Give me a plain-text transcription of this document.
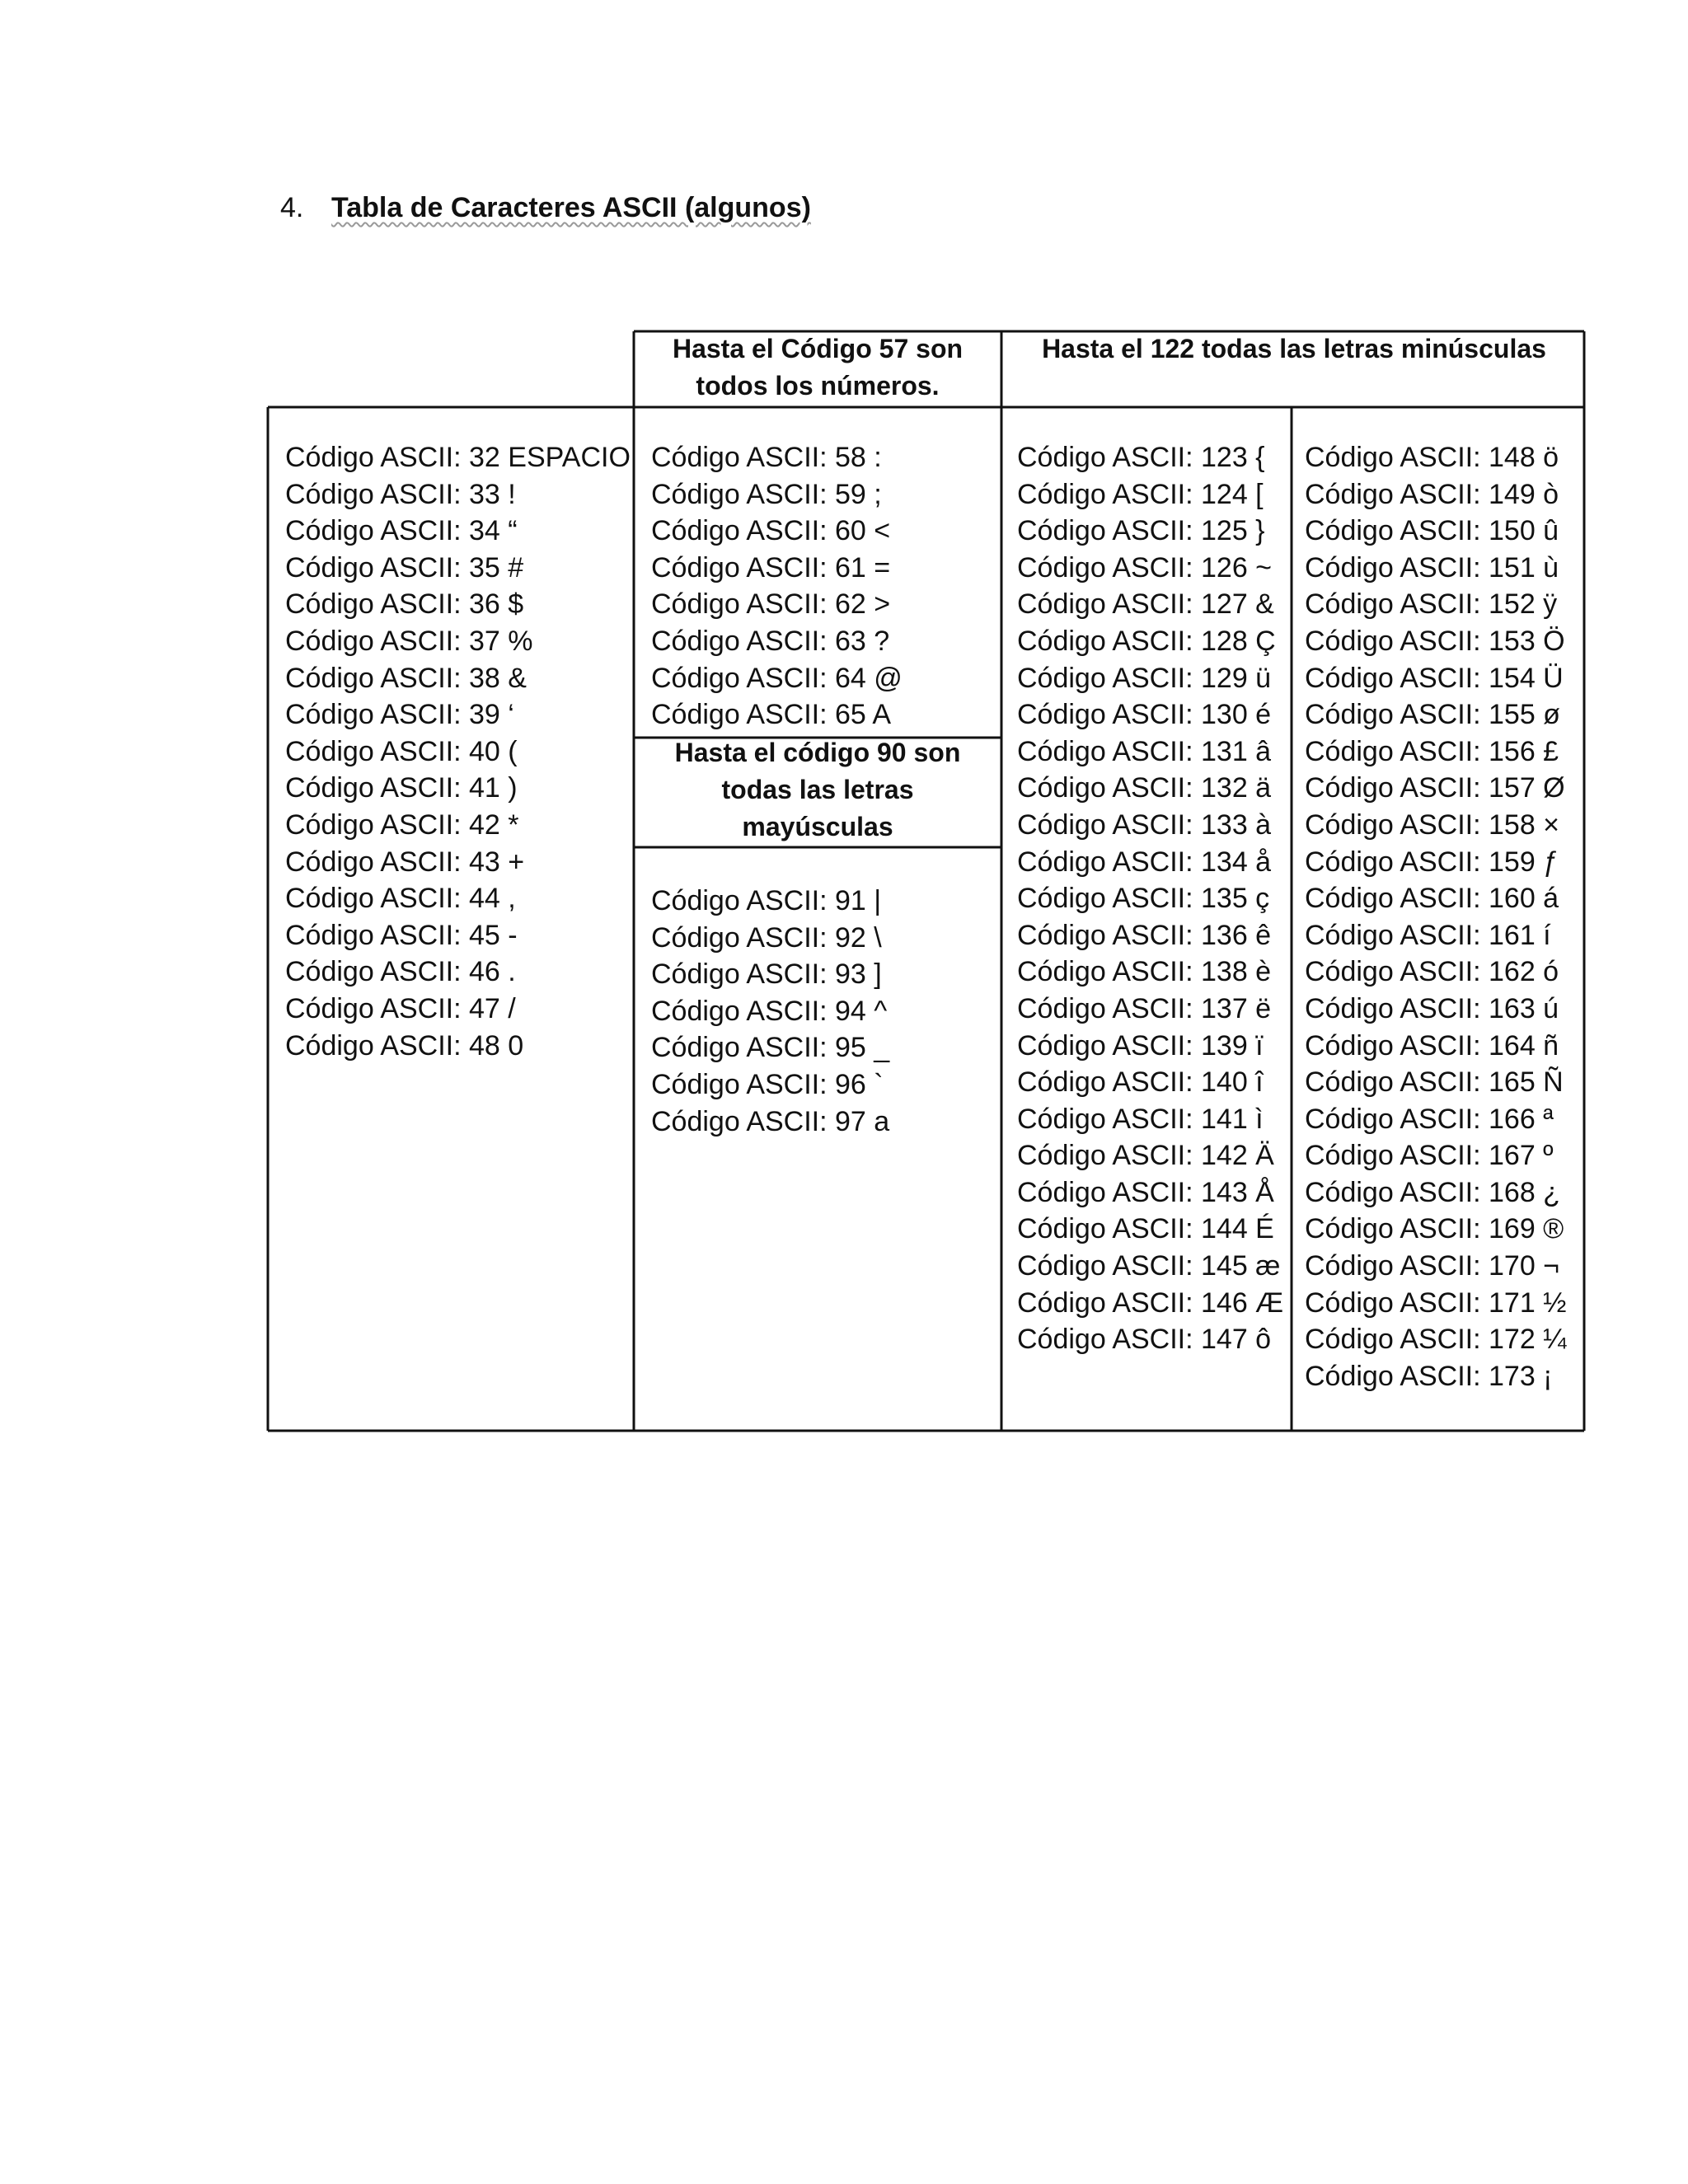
4. Tabla de Caracteres ASCII (algunos)
Hasta el Código 57 son todos los números.
Hasta el 122 todas las letras minúsculas
Hasta el código 90 son todas las letras mayúsculas
Código ASCII: 32 ESPACIO
Código ASCII: 33 !
Código ASCII: 34 “
Código ASCII: 35 #
Código ASCII: 36 $
Código ASCII: 37 %
Código ASCII: 38 &
Código ASCII: 39 ‘
Código ASCII: 40 (
Código ASCII: 41 )
Código ASCII: 42 *
Código ASCII: 43 +
Código ASCII: 44 ,
Código ASCII: 45 -
Código ASCII: 46 .
Código ASCII: 47 /
Código ASCII: 48 0
Código ASCII: 58 :
Código ASCII: 59 ;
Código ASCII: 60 <
Código ASCII: 61 =
Código ASCII: 62 >
Código ASCII: 63 ?
Código ASCII: 64 @
Código ASCII: 65 A
Código ASCII: 91 |
Código ASCII: 92 \
Código ASCII: 93 ]
Código ASCII: 94 ^
Código ASCII: 95 _
Código ASCII: 96 `
Código ASCII: 97 a
Código ASCII: 123 {
Código ASCII: 124 [
Código ASCII: 125 }
Código ASCII: 126 ~
Código ASCII: 127 &
Código ASCII: 128 Ç
Código ASCII: 129 ü
Código ASCII: 130 é
Código ASCII: 131 â
Código ASCII: 132 ä
Código ASCII: 133 à
Código ASCII: 134 å
Código ASCII: 135 ç
Código ASCII: 136 ê
Código ASCII: 138 è
Código ASCII: 137 ë
Código ASCII: 139 ï
Código ASCII: 140 î
Código ASCII: 141 ì
Código ASCII: 142 Ä
Código ASCII: 143 Å
Código ASCII: 144 É
Código ASCII: 145 æ
Código ASCII: 146 Æ
Código ASCII: 147 ô
Código ASCII: 148 ö
Código ASCII: 149 ò
Código ASCII: 150 û
Código ASCII: 151 ù
Código ASCII: 152 ÿ
Código ASCII: 153 Ö
Código ASCII: 154 Ü
Código ASCII: 155 ø
Código ASCII: 156 £
Código ASCII: 157 Ø
Código ASCII: 158 ×
Código ASCII: 159 ƒ
Código ASCII: 160 á
Código ASCII: 161 í
Código ASCII: 162 ó
Código ASCII: 163 ú
Código ASCII: 164 ñ
Código ASCII: 165 Ñ
Código ASCII: 166 ª
Código ASCII: 167 º
Código ASCII: 168 ¿
Código ASCII: 169 ®
Código ASCII: 170 ¬
Código ASCII: 171 ½
Código ASCII: 172 ¼
Código ASCII: 173 ¡
